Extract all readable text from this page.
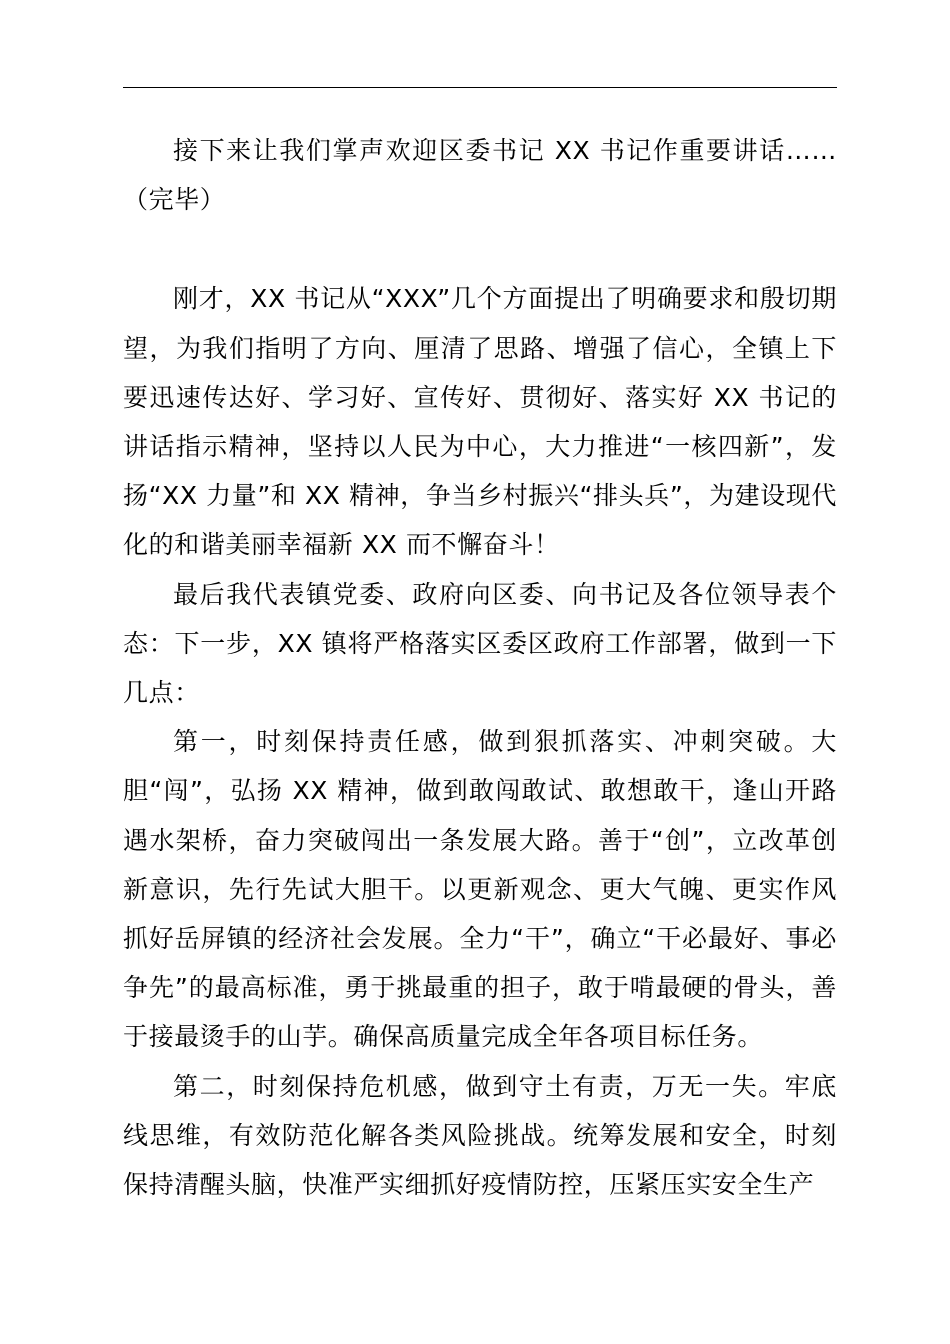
接下来让我们掌声欢迎区委书记 XX 书记作重要讲话……（完毕）

刚才，XX 书记从“XXX”几个方面提出了明确要求和殷切期望，为我们指明了方向、厘清了思路、增强了信心，全镇上下要迅速传达好、学习好、宣传好、贯彻好、落实好 XX 书记的讲话指示精神，坚持以人民为中心，大力推进“一核四新”，发扬“XX 力量”和 XX 精神，争当乡村振兴“排头兵”，为建设现代化的和谐美丽幸福新 XX 而不懈奋斗！

最后我代表镇党委、政府向区委、向书记及各位领导表个态：下一步，XX 镇将严格落实区委区政府工作部署，做到一下几点：

第一，时刻保持责任感，做到狠抓落实、冲刺突破。大胆“闯”，弘扬 XX 精神，做到敢闯敢试、敢想敢干，逢山开路遇水架桥，奋力突破闯出一条发展大路。善于“创”，立改革创新意识，先行先试大胆干。以更新观念、更大气魄、更实作风抓好岳屏镇的经济社会发展。全力“干”，确立“干必最好、事必争先”的最高标准，勇于挑最重的担子，敢于啃最硬的骨头，善于接最烫手的山芋。确保高质量完成全年各项目标任务。

第二，时刻保持危机感，做到守土有责，万无一失。牢底线思维，有效防范化解各类风险挑战。统筹发展和安全，时刻保持清醒头脑，快准严实细抓好疫情防控，压紧压实安全生产
